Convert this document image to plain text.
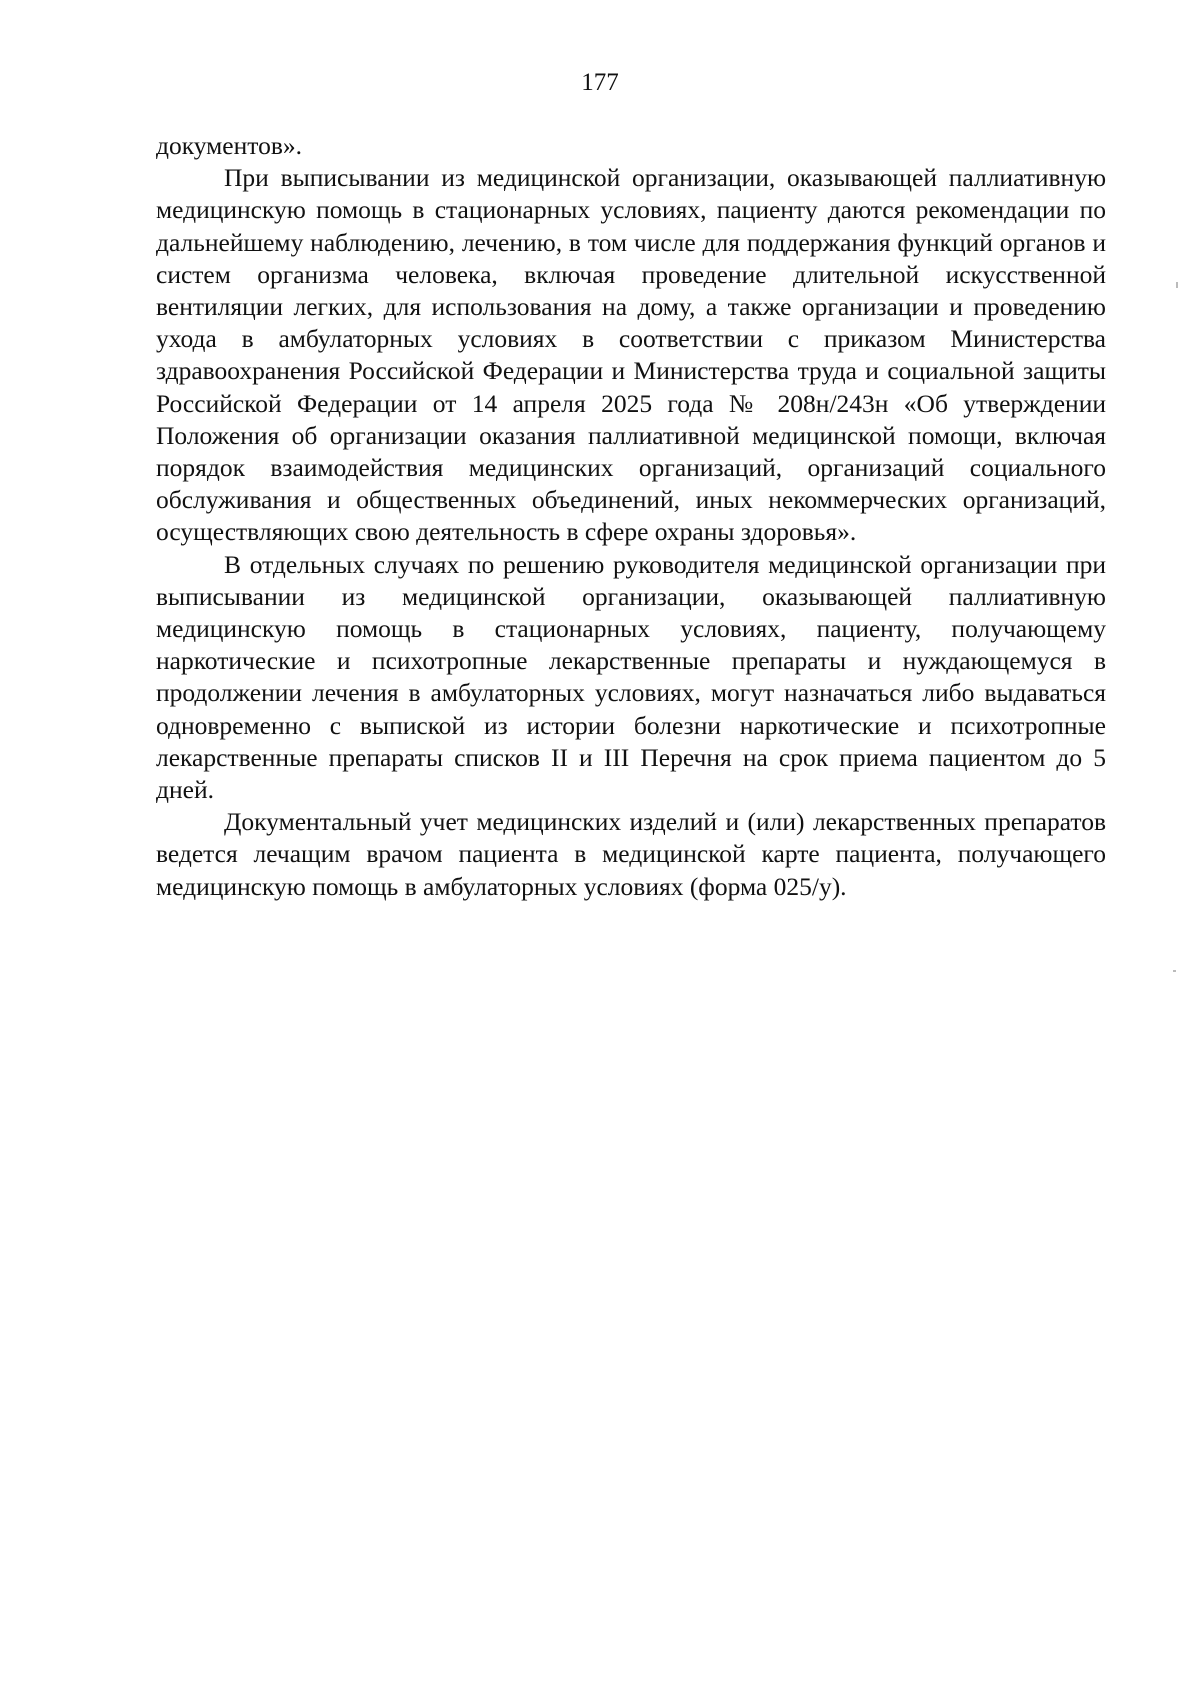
177

документов».

При выписывании из медицинской организации, оказывающей паллиативную медицинскую помощь в стационарных условиях, пациенту даются рекомендации по дальнейшему наблюдению, лечению, в том числе для поддержания функций органов и систем организма человека, включая проведение длительной искусственной вентиляции легких, для использования на дому, а также организации и проведению ухода в амбулаторных условиях в соответствии с приказом Министерства здравоохранения Российской Федерации и Министерства труда и социальной защиты Российской Федерации от 14 апреля 2025 года № 208н/243н «Об утверждении Положения об организации оказания паллиативной медицинской помощи, включая порядок взаимодействия медицинских организаций, организаций социального обслуживания и общественных объединений, иных некоммерческих организаций, осуществляющих свою деятельность в сфере охраны здоровья».

В отдельных случаях по решению руководителя медицинской организации при выписывании из медицинской организации, оказывающей паллиативную медицинскую помощь в стационарных условиях, пациенту, получающему наркотические и психотропные лекарственные препараты и нуждающемуся в продолжении лечения в амбулаторных условиях, могут назначаться либо выдаваться одновременно с выпиской из истории болезни наркотические и психотропные лекарственные препараты списков II и III Перечня на срок приема пациентом до 5 дней.

Документальный учет медицинских изделий и (или) лекарственных препаратов ведется лечащим врачом пациента в медицинской карте пациента, получающего медицинскую помощь в амбулаторных условиях (форма 025/у).
